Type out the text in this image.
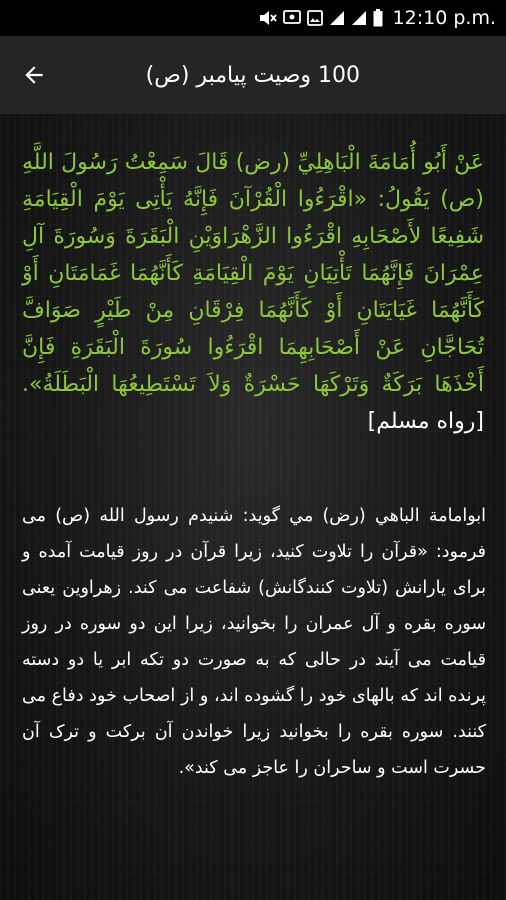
12:10 p.m.
100 وصيت پيامبر (ص)
عَنْ أَبُو أُمَامَةَ الْبَاهِلِيِّ (رض) قَالَ سَمِعْتُ رَسُولَ اللَّهِ (ص) يَقُولُ: «اقْرَءُوا الْقُرْآنَ فَإِنَّهُ يَأْتِى يَوْمَ الْقِيَامَةِ شَفِيعًا لأَصْحَابِهِ اقْرَءُوا الزَّهْرَاوَيْنِ الْبَقَرَةَ وَسُورَةَ آلِ عِمْرَانَ فَإِنَّهُمَا تَأْتِيَانِ يَوْمَ الْقِيَامَةِ كَأَنَّهُمَا غَمَامَتَانِ أَوْ كَأَنَّهُمَا غَيَايَتَانِ أَوْ كَأَنَّهُمَا فِرْقَانِ مِنْ طَيْرٍ صَوَافَّ تُحَاجَّانِ عَنْ أَصْحَابِهِمَا اقْرَءُوا سُورَةَ الْبَقَرَةِ فَإِنَّ أَخْذَهَا بَرَكَةٌ وَتَرْكَهَا حَسْرَةٌ وَلاَ تَسْتَطِيعُهَا الْبَطَلَةُ». [رواه مسلم]
ابوامامة الباهي (رض) مي گويد: شنيدم رسول الله (ص) مى فرمود: «قرآن را تلاوت كنيد، زيرا قرآن در روز قيامت آمده و براى يارانش (تلاوت كنندگانش) شفاعت مى كند. زهراوين يعنى سوره بقره و آل عمران را بخوانيد، زيرا اين دو سوره در روز قيامت مى آيند در حالى كه به صورت دو تكه ابر يا دو دسته پرنده اند كه بالهاى خود را گشوده اند، و از اصحاب خود دفاع مى كنند. سوره بقره را بخوانيد زيرا خواندن آن بركت و ترک آن حسرت است و ساحران را عاجز مى كند».
